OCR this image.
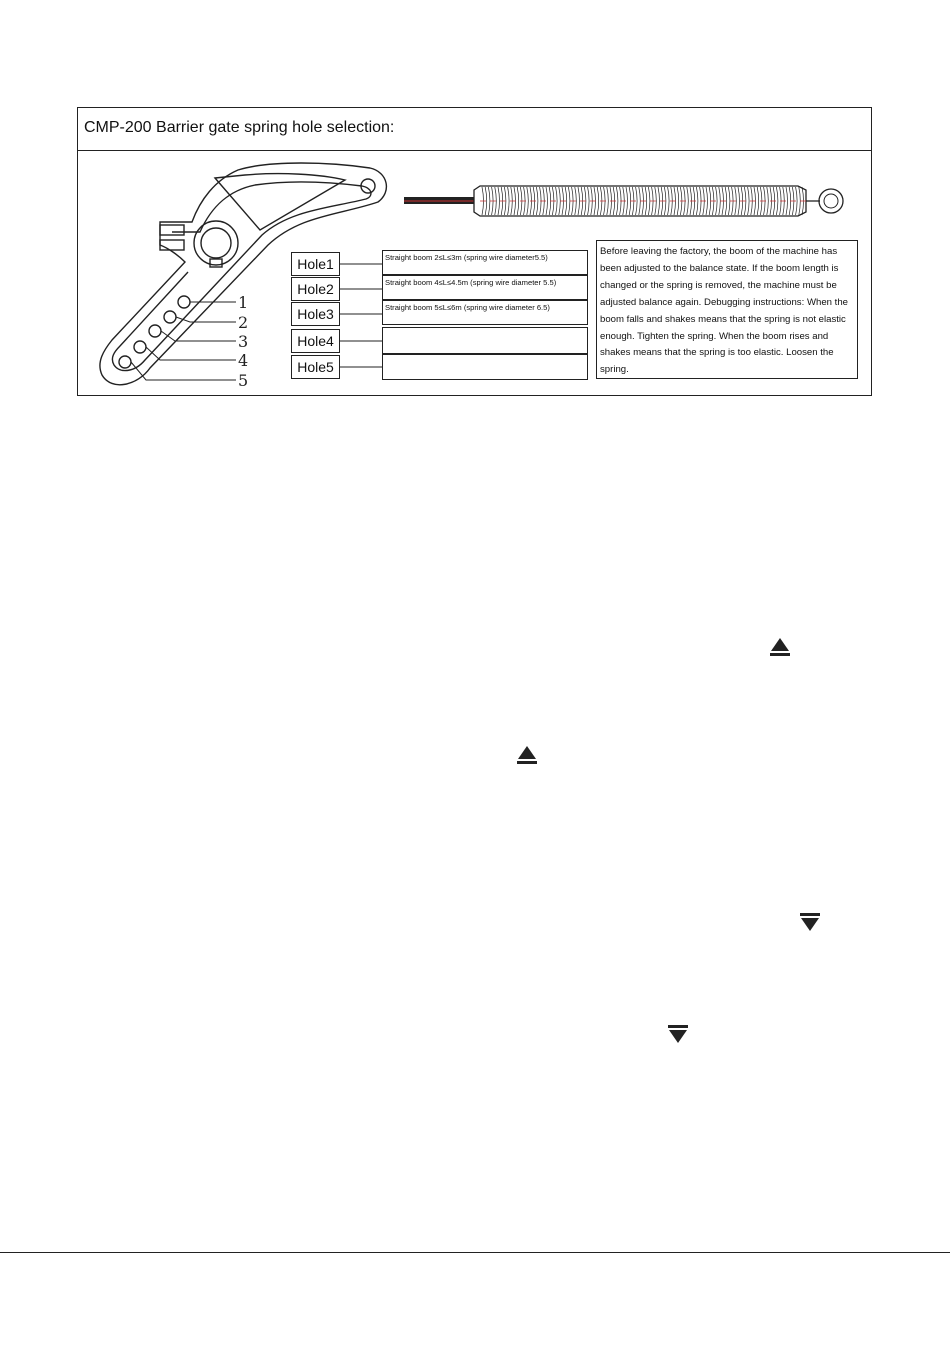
CMP-200 Barrier gate spring hole selection:
1
2
3
4
5
Hole1
Hole2
Hole3
Hole4
Hole5
Straight boom 2≤L≤3m (spring wire diameter5.5)
Straight boom 4≤L≤4.5m (spring wire diameter 5.5)
Straight boom 5≤L≤6m (spring wire diameter 6.5)
Before leaving the factory, the boom of the machine has been adjusted to the balance state. If the boom length is changed or the spring is removed, the machine must be adjusted balance again. Debugging instructions: When the boom falls and shakes means that the spring is not elastic enough. Tighten the spring. When the boom rises and shakes means that the spring is too elastic. Loosen the spring.
